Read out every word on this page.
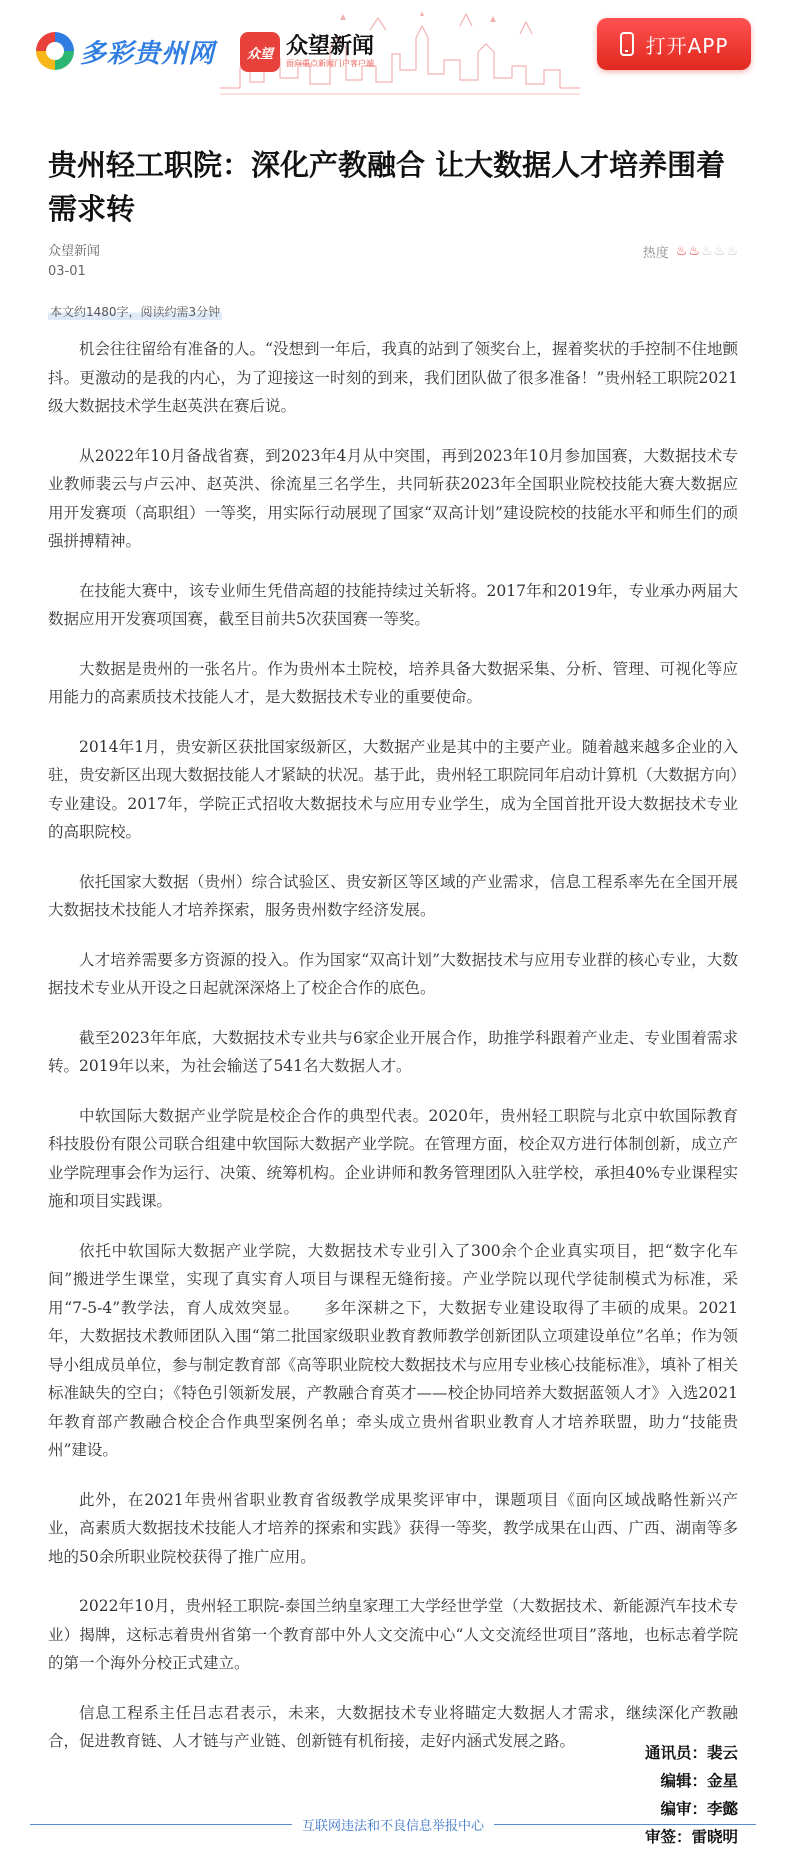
多彩贵州网	众望 众望新闻
面向重点新闻门户客户端
打开APP
贵州轻工职院：深化产教融合 让大数据人才培养围着需求转
众望新闻
03-01
热度 ♨ ♨ ♨ ♨ ♨
本文约1480字，阅读约需3分钟

机会往往留给有准备的人。“没想到一年后，我真的站到了领奖台上，握着奖状的手控制不住地颤抖。更激动的是我的内心，为了迎接这一时刻的到来，我们团队做了很多准备！”贵州轻工职院2021级大数据技术学生赵英洪在赛后说。

从2022年10月备战省赛，到2023年4月从中突围，再到2023年10月参加国赛，大数据技术专业教师裴云与卢云冲、赵英洪、徐流星三名学生，共同斩获2023年全国职业院校技能大赛大数据应用开发赛项（高职组）一等奖，用实际行动展现了国家“双高计划”建设院校的技能水平和师生们的顽强拼搏精神。

在技能大赛中，该专业师生凭借高超的技能持续过关斩将。2017年和2019年，专业承办两届大数据应用开发赛项国赛，截至目前共5次获国赛一等奖。

大数据是贵州的一张名片。作为贵州本土院校，培养具备大数据采集、分析、管理、可视化等应用能力的高素质技术技能人才，是大数据技术专业的重要使命。

2014年1月，贵安新区获批国家级新区，大数据产业是其中的主要产业。随着越来越多企业的入驻，贵安新区出现大数据技能人才紧缺的状况。基于此，贵州轻工职院同年启动计算机（大数据方向）专业建设。2017年，学院正式招收大数据技术与应用专业学生，成为全国首批开设大数据技术专业的高职院校。

依托国家大数据（贵州）综合试验区、贵安新区等区域的产业需求，信息工程系率先在全国开展大数据技术技能人才培养探索，服务贵州数字经济发展。

人才培养需要多方资源的投入。作为国家“双高计划”大数据技术与应用专业群的核心专业，大数据技术专业从开设之日起就深深烙上了校企合作的底色。

截至2023年年底，大数据技术专业共与6家企业开展合作，助推学科跟着产业走、专业围着需求转。2019年以来，为社会输送了541名大数据人才。

中软国际大数据产业学院是校企合作的典型代表。2020年，贵州轻工职院与北京中软国际教育科技股份有限公司联合组建中软国际大数据产业学院。在管理方面，校企双方进行体制创新，成立产业学院理事会作为运行、决策、统筹机构。企业讲师和教务管理团队入驻学校，承担40%专业课程实施和项目实践课。

依托中软国际大数据产业学院，大数据技术专业引入了300余个企业真实项目，把“数字化车间”搬进学生课堂，实现了真实育人项目与课程无缝衔接。产业学院以现代学徒制模式为标准，采用“7-5-4”教学法，育人成效突显。　　多年深耕之下，大数据专业建设取得了丰硕的成果。2021年，大数据技术教师团队入围“第二批国家级职业教育教师教学创新团队立项建设单位”名单；作为领导小组成员单位，参与制定教育部《高等职业院校大数据技术与应用专业核心技能标准》，填补了相关标准缺失的空白；《特色引领新发展，产教融合育英才——校企协同培养大数据蓝领人才》入选2021年教育部产教融合校企合作典型案例名单；牵头成立贵州省职业教育人才培养联盟，助力“技能贵州”建设。

此外，在2021年贵州省职业教育省级教学成果奖评审中，课题项目《面向区域战略性新兴产业，高素质大数据技术技能人才培养的探索和实践》获得一等奖，教学成果在山西、广西、湖南等多地的50余所职业院校获得了推广应用。

2022年10月，贵州轻工职院-泰国兰纳皇家理工大学经世学堂（大数据技术、新能源汽车技术专业）揭牌，这标志着贵州省第一个教育部中外人文交流中心“人文交流经世项目”落地，也标志着学院的第一个海外分校正式建立。

信息工程系主任吕志君表示，未来，大数据技术专业将瞄定大数据人才需求，继续深化产教融合，促进教育链、人才链与产业链、创新链有机衔接，走好内涵式发展之路。

通讯员：裴云
编辑：金星
编审：李懿
审签：雷晓明
互联网违法和不良信息举报中心
